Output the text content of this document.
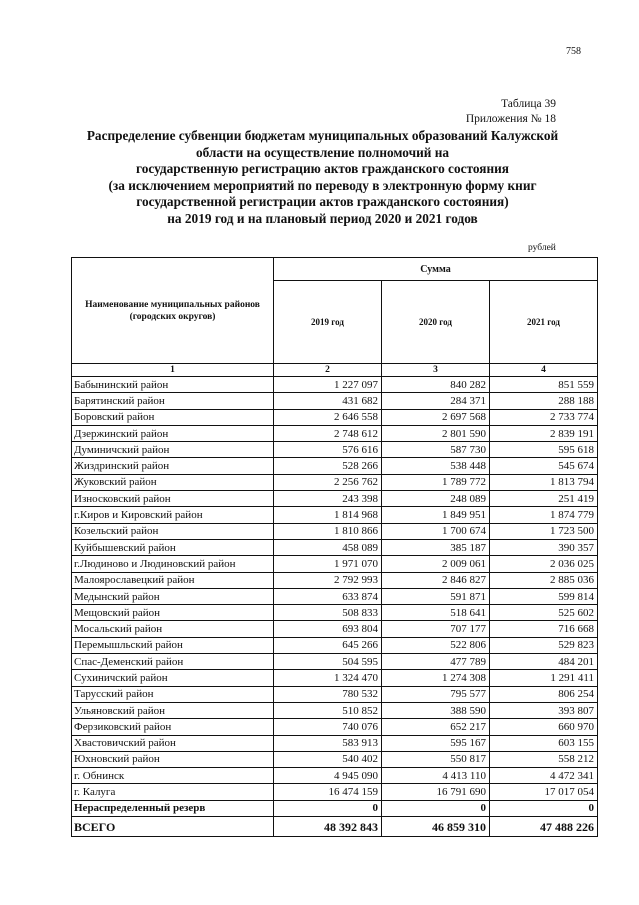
758
Таблица 39
Приложения № 18
Распределение субвенции бюджетам муниципальных образований Калужской
области на осуществление полномочий на
государственную регистрацию актов гражданского состояния
(за исключением мероприятий по переводу в электронную форму книг
государственной регистрации актов гражданского состояния)
на 2019 год и на плановый период 2020 и 2021 годов
рублей
Наименование муниципальных районов (городских округов)	Сумма		
	2019 год	2020 год	2021 год
1	2	3	4
Бабынинский район	1 227 097	840 282	851 559
Барятинский район	431 682	284 371	288 188
Боровский район	2 646 558	2 697 568	2 733 774
Дзержинский район	2 748 612	2 801 590	2 839 191
Думиничский район	576 616	587 730	595 618
Жиздринский район	528 266	538 448	545 674
Жуковский район	2 256 762	1 789 772	1 813 794
Износковский район	243 398	248 089	251 419
г.Киров и Кировский район	1 814 968	1 849 951	1 874 779
Козельский район	1 810 866	1 700 674	1 723 500
Куйбышевский район	458 089	385 187	390 357
г.Людиново и Людиновский район	1 971 070	2 009 061	2 036 025
Малоярославецкий район	2 792 993	2 846 827	2 885 036
Медынский район	633 874	591 871	599 814
Мещовский район	508 833	518 641	525 602
Мосальский район	693 804	707 177	716 668
Перемышльский район	645 266	522 806	529 823
Спас-Деменский район	504 595	477 789	484 201
Сухиничский район	1 324 470	1 274 308	1 291 411
Тарусский район	780 532	795 577	806 254
Ульяновский район	510 852	388 590	393 807
Ферзиковский район	740 076	652 217	660 970
Хвастовичский район	583 913	595 167	603 155
Юхновский район	540 402	550 817	558 212
г. Обнинск	4 945 090	4 413 110	4 472 341
г. Калуга	16 474 159	16 791 690	17 017 054
Нераспределенный резерв	0	0	0
ВСЕГО	48 392 843	46 859 310	47 488 226
